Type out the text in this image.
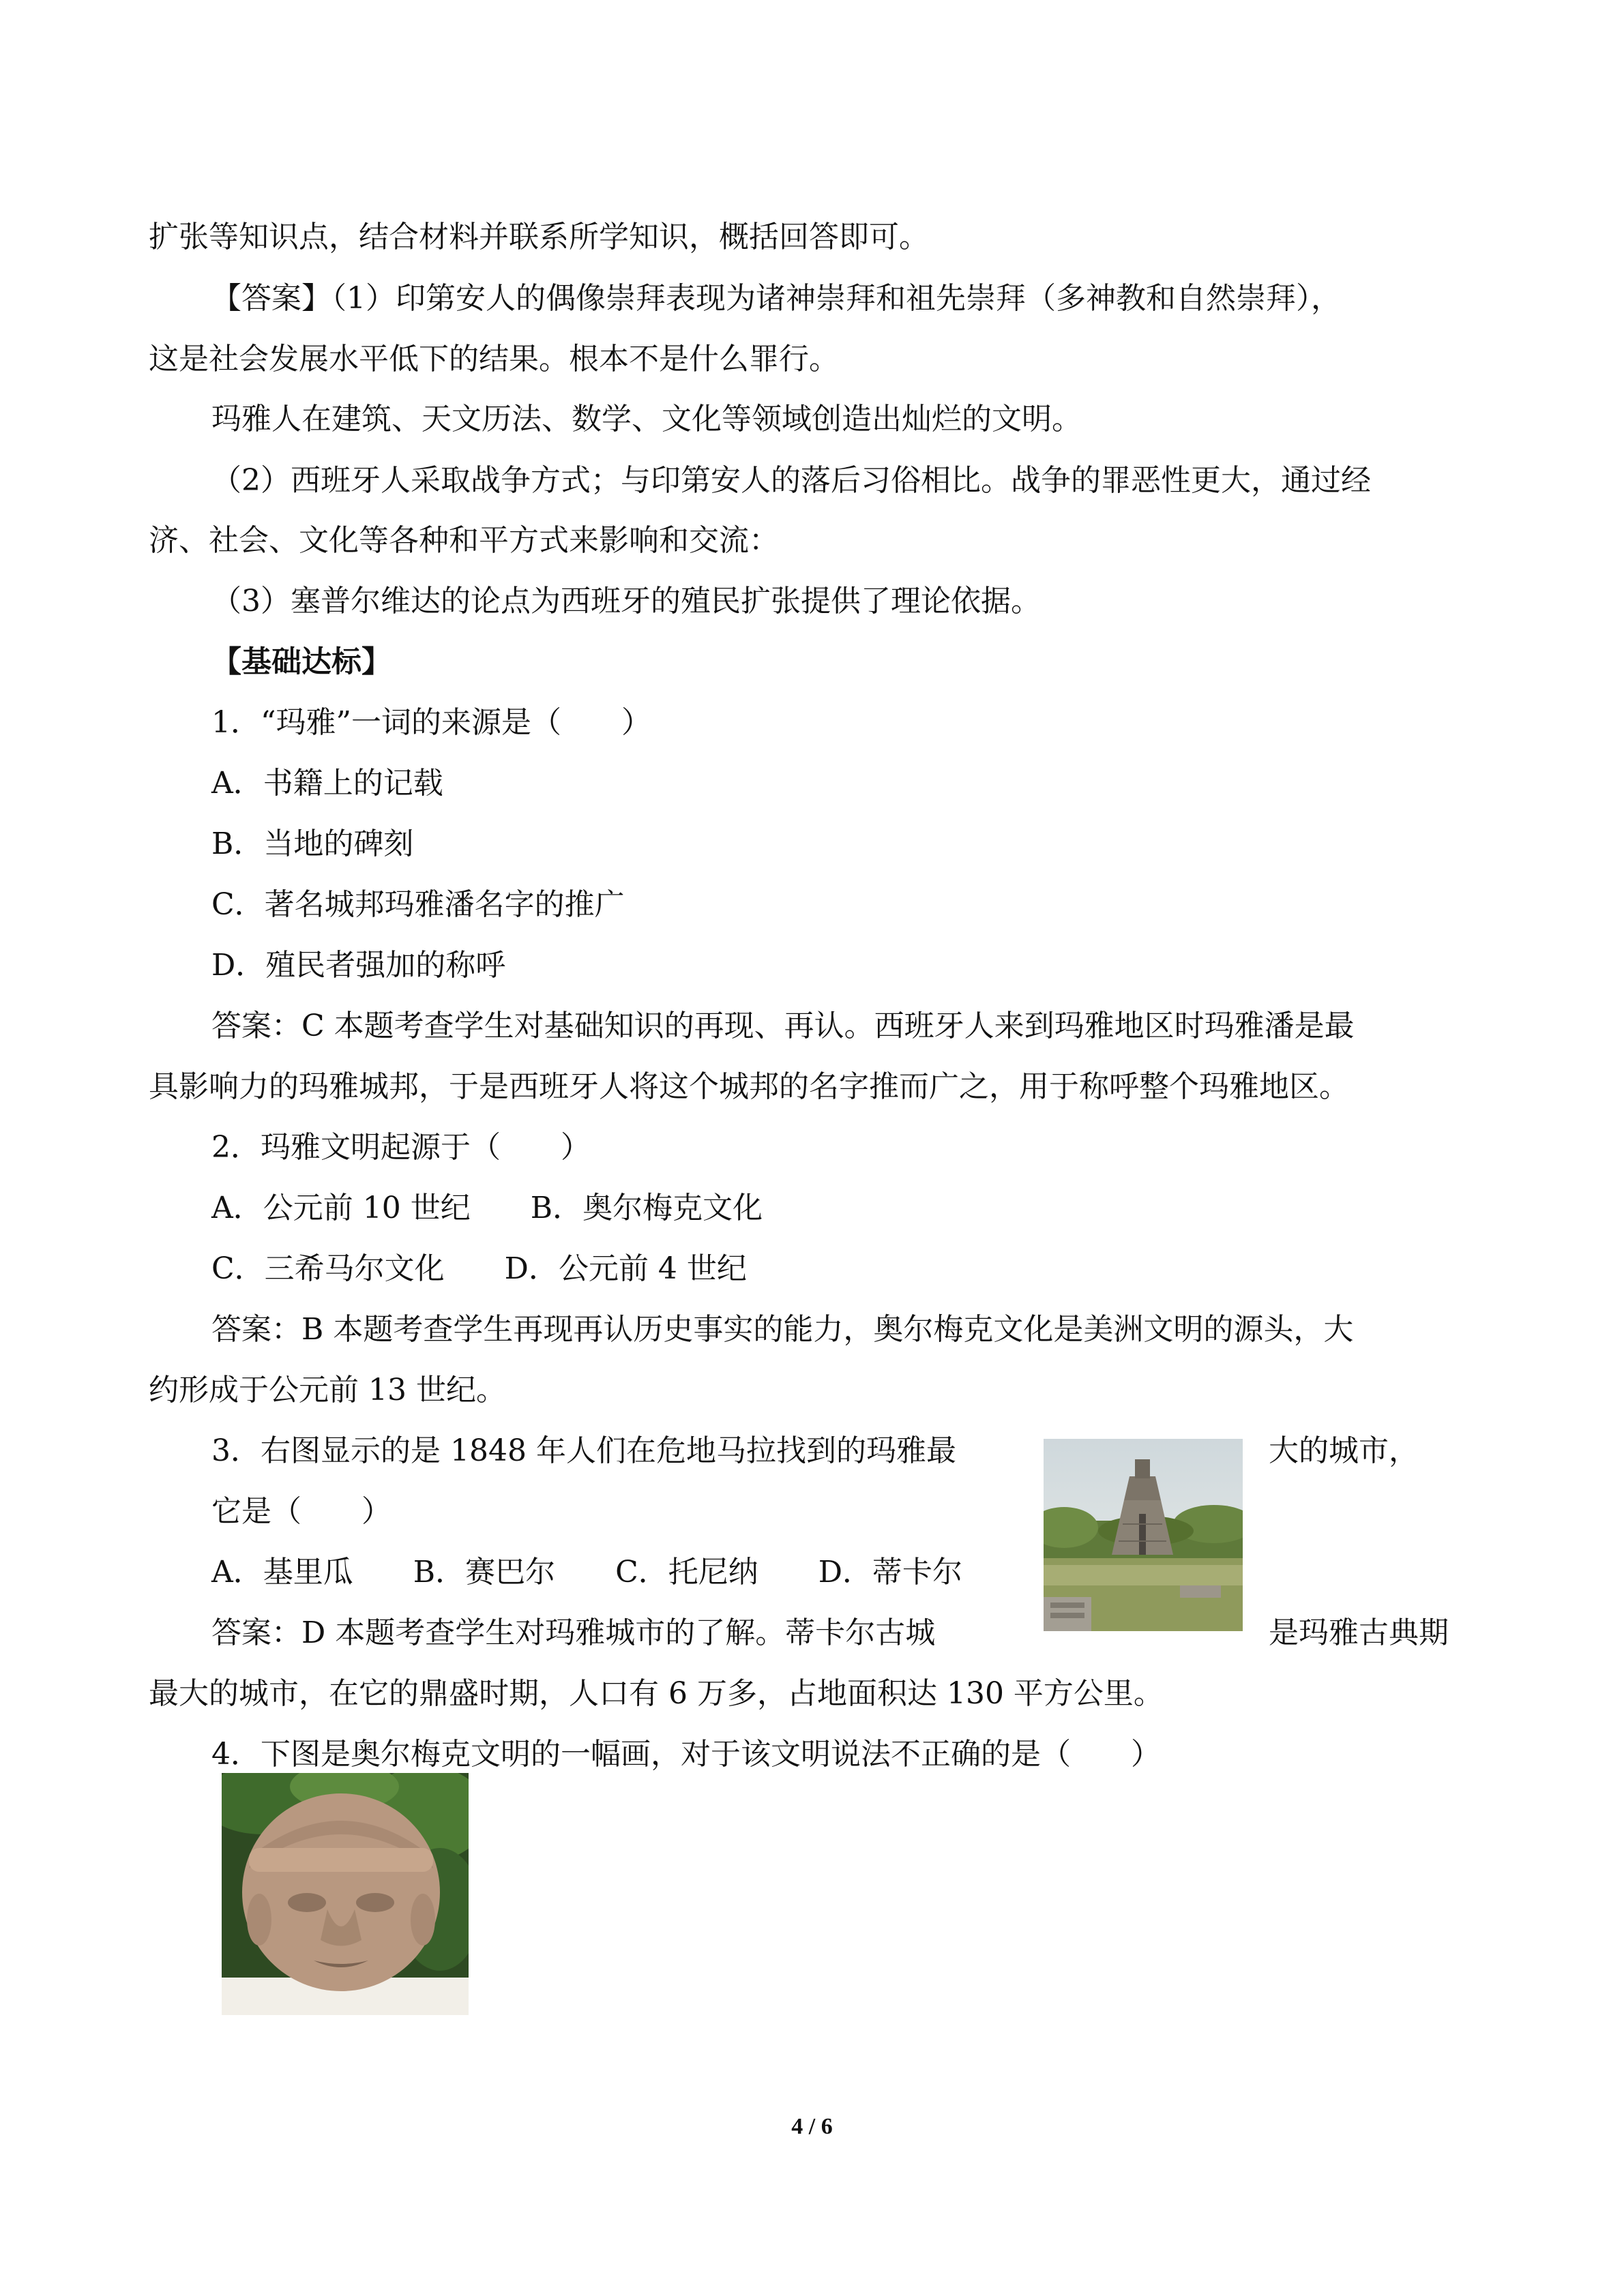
扩张等知识点，结合材料并联系所学知识，概括回答即可。

【答案】（1）印第安人的偶像崇拜表现为诸神崇拜和祖先崇拜（多神教和自然崇拜），

这是社会发展水平低下的结果。根本不是什么罪行。

玛雅人在建筑、天文历法、数学、文化等领域创造出灿烂的文明。

（2）西班牙人采取战争方式；与印第安人的落后习俗相比。战争的罪恶性更大，通过经

济、社会、文化等各种和平方式来影响和交流：

（3）塞普尔维达的论点为西班牙的殖民扩张提供了理论依据。

【基础达标】

1．“玛雅”一词的来源是（　　）

A．书籍上的记载

B．当地的碑刻

C．著名城邦玛雅潘名字的推广

D．殖民者强加的称呼

答案：C 本题考查学生对基础知识的再现、再认。西班牙人来到玛雅地区时玛雅潘是最

具影响力的玛雅城邦，于是西班牙人将这个城邦的名字推而广之，用于称呼整个玛雅地区。

2．玛雅文明起源于（　　）

A．公元前 10 世纪　　B．奥尔梅克文化

C．三希马尔文化　　D．公元前 4 世纪

答案：B 本题考查学生再现再认历史事实的能力，奥尔梅克文化是美洲文明的源头，大

约形成于公元前 13 世纪。

3．右图显示的是 1848 年人们在危地马拉找到的玛雅最	大的城市，

它是（　　）

A．基里瓜　　B．赛巴尔　　C．托尼纳　　D．蒂卡尔

答案：D 本题考查学生对玛雅城市的了解。蒂卡尔古城	是玛雅古典期

最大的城市，在它的鼎盛时期，人口有 6 万多，占地面积达 130 平方公里。

4．下图是奥尔梅克文明的一幅画，对于该文明说法不正确的是（　　）

4 / 6
